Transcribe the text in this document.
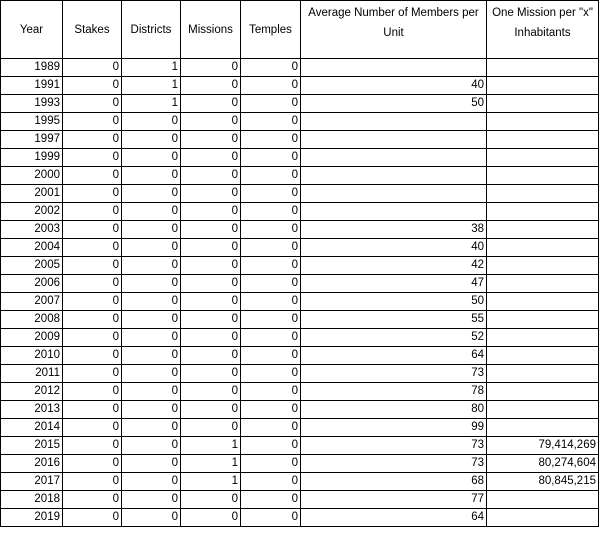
Year	Stakes	Districts	Missions	Temples	Average Number of Members per Unit	One Mission per "x" Inhabitants
1989	0	1	0	0		
1991	0	1	0	0	40	
1993	0	1	0	0	50	
1995	0	0	0	0		
1997	0	0	0	0		
1999	0	0	0	0		
2000	0	0	0	0		
2001	0	0	0	0		
2002	0	0	0	0		
2003	0	0	0	0	38	
2004	0	0	0	0	40	
2005	0	0	0	0	42	
2006	0	0	0	0	47	
2007	0	0	0	0	50	
2008	0	0	0	0	55	
2009	0	0	0	0	52	
2010	0	0	0	0	64	
2011	0	0	0	0	73	
2012	0	0	0	0	78	
2013	0	0	0	0	80	
2014	0	0	0	0	99	
2015	0	0	1	0	73	79,414,269
2016	0	0	1	0	73	80,274,604
2017	0	0	1	0	68	80,845,215
2018	0	0	0	0	77	
2019	0	0	0	0	64	
